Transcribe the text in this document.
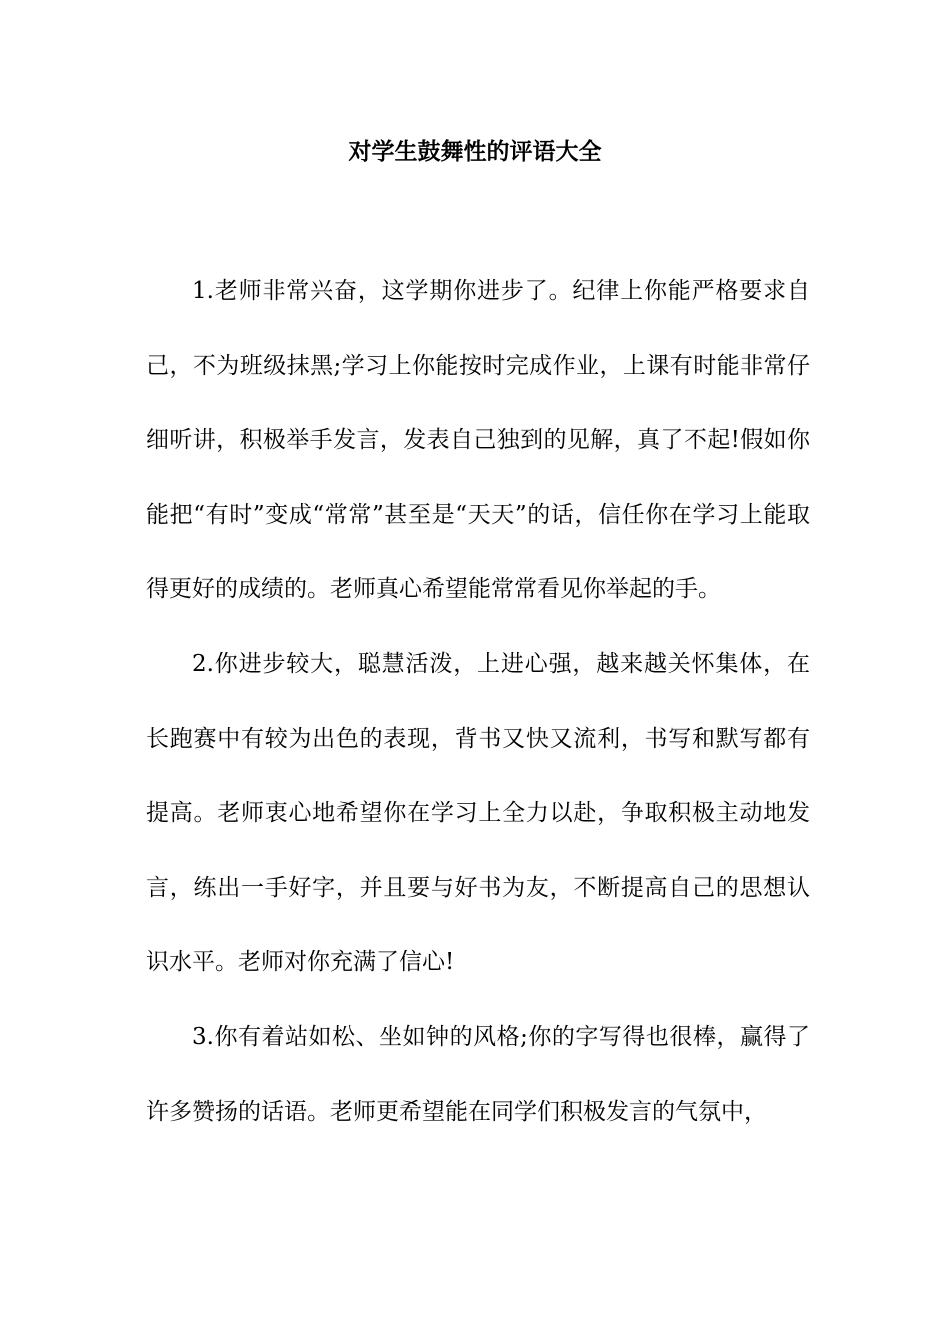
对学生鼓舞性的评语大全

1.老师非常兴奋，这学期你进步了。纪律上你能严格要求自己，不为班级抹黑;学习上你能按时完成作业，上课有时能非常仔细听讲，积极举手发言，发表自己独到的见解，真了不起!假如你能把“有时”变成“常常”甚至是“天天”的话，信任你在学习上能取得更好的成绩的。老师真心希望能常常看见你举起的手。

2.你进步较大，聪慧活泼，上进心强，越来越关怀集体，在长跑赛中有较为出色的表现，背书又快又流利，书写和默写都有提高。老师衷心地希望你在学习上全力以赴，争取积极主动地发言，练出一手好字，并且要与好书为友，不断提高自己的思想认识水平。老师对你充满了信心!

3.你有着站如松、坐如钟的风格;你的字写得也很棒，赢得了许多赞扬的话语。老师更希望能在同学们积极发言的气氛中，
